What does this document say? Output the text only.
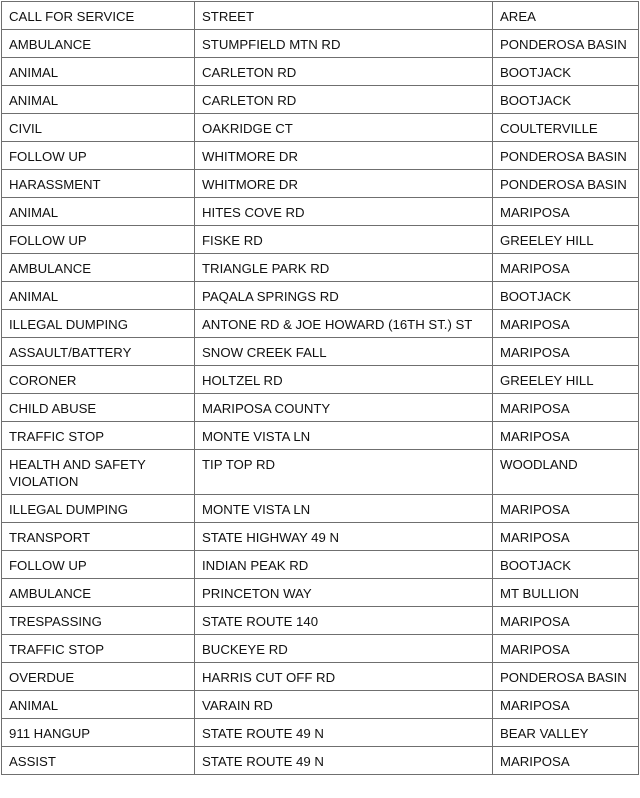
CALL FOR SERVICE	STREET	AREA
AMBULANCE	STUMPFIELD MTN RD	PONDEROSA BASIN
ANIMAL	CARLETON RD	BOOTJACK
ANIMAL	CARLETON RD	BOOTJACK
CIVIL	OAKRIDGE CT	COULTERVILLE
FOLLOW UP	WHITMORE DR	PONDEROSA BASIN
HARASSMENT	WHITMORE DR	PONDEROSA BASIN
ANIMAL	HITES COVE RD	MARIPOSA
FOLLOW UP	FISKE RD	GREELEY HILL
AMBULANCE	TRIANGLE PARK RD	MARIPOSA
ANIMAL	PAQALA SPRINGS RD	BOOTJACK
ILLEGAL DUMPING	ANTONE RD & JOE HOWARD (16TH ST.) ST	MARIPOSA
ASSAULT/BATTERY	SNOW CREEK FALL	MARIPOSA
CORONER	HOLTZEL RD	GREELEY HILL
CHILD ABUSE	MARIPOSA COUNTY	MARIPOSA
TRAFFIC STOP	MONTE VISTA LN	MARIPOSA
HEALTH AND SAFETY VIOLATION	TIP TOP RD	WOODLAND
ILLEGAL DUMPING	MONTE VISTA LN	MARIPOSA
TRANSPORT	STATE HIGHWAY 49 N	MARIPOSA
FOLLOW UP	INDIAN PEAK RD	BOOTJACK
AMBULANCE	PRINCETON WAY	MT BULLION
TRESPASSING	STATE ROUTE 140	MARIPOSA
TRAFFIC STOP	BUCKEYE RD	MARIPOSA
OVERDUE	HARRIS CUT OFF RD	PONDEROSA BASIN
ANIMAL	VARAIN RD	MARIPOSA
911 HANGUP	STATE ROUTE 49 N	BEAR VALLEY
ASSIST	STATE ROUTE 49 N	MARIPOSA
